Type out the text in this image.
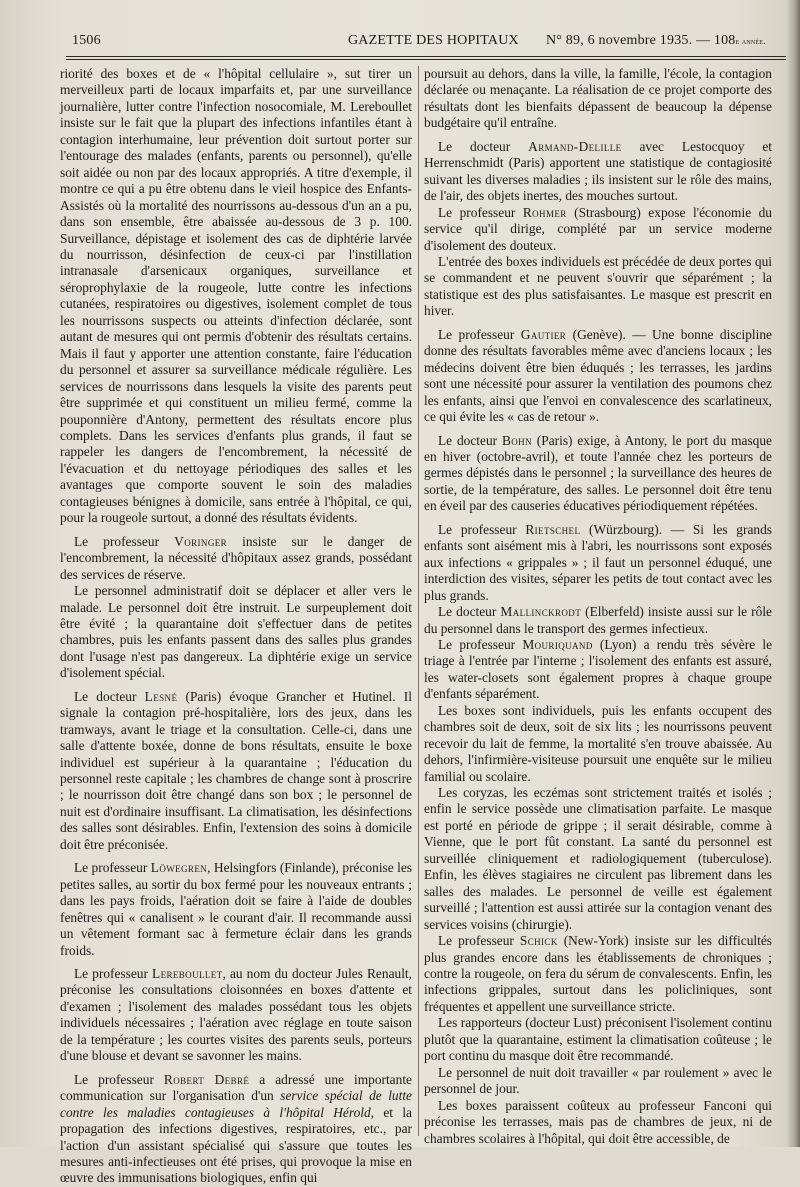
1506	GAZETTE DES HOPITAUX N° 89, 6 novembre 1935. — 108e année.

riorité des boxes et de « l'hôpital cellulaire », sut tirer un merveilleux parti de locaux imparfaits et, par une surveillance journalière, lutter contre l'infection nosocomiale, M. Lereboullet insiste sur le fait que la plupart des infections infantiles étant à contagion interhumaine, leur prévention doit surtout porter sur l'entourage des malades (enfants, parents ou personnel), qu'elle soit aidée ou non par des locaux appropriés. A titre d'exemple, il montre ce qui a pu être obtenu dans le vieil hospice des Enfants-Assistés où la mortalité des nourrissons au-dessous d'un an a pu, dans son ensemble, être abaissée au-dessous de 3 p. 100. Surveillance, dépistage et isolement des cas de diphtérie larvée du nourrisson, désinfection de ceux-ci par l'instillation intranasale d'arsenicaux organiques, surveillance et séroprophylaxie de la rougeole, lutte contre les infections cutanées, respiratoires ou digestives, isolement complet de tous les nourrissons suspects ou atteints d'infection déclarée, sont autant de mesures qui ont permis d'obtenir des résultats certains. Mais il faut y apporter une attention constante, faire l'éducation du personnel et assurer sa surveillance médicale régulière. Les services de nourrissons dans lesquels la visite des parents peut être supprimée et qui constituent un milieu fermé, comme la pouponnière d'Antony, permettent des résultats encore plus complets. Dans les services d'enfants plus grands, il faut se rappeler les dangers de l'encombrement, la nécessité de l'évacuation et du nettoyage périodiques des salles et les avantages que comporte souvent le soin des maladies contagieuses bénignes à domicile, sans entrée à l'hôpital, ce qui, pour la rougeole surtout, a donné des résultats évidents.

Le professeur Voringer insiste sur le danger de l'encombrement, la nécessité d'hôpitaux assez grands, possédant des services de réserve.

Le personnel administratif doit se déplacer et aller vers le malade. Le personnel doit être instruit. Le surpeuplement doit être évité ; la quarantaine doit s'effectuer dans de petites chambres, puis les enfants passent dans des salles plus grandes dont l'usage n'est pas dangereux. La diphtérie exige un service d'isolement spécial.

Le docteur Lesné (Paris) évoque Grancher et Hutinel. Il signale la contagion pré-hospitalière, lors des jeux, dans les tramways, avant le triage et la consultation. Celle-ci, dans une salle d'attente boxée, donne de bons résultats, ensuite le boxe individuel est supérieur à la quarantaine ; l'éducation du personnel reste capitale ; les chambres de change sont à proscrire ; le nourrisson doit être changé dans son box ; le personnel de nuit est d'ordinaire insuffisant. La climatisation, les désinfections des salles sont désirables. Enfin, l'extension des soins à domicile doit être préconisée.

Le professeur Löwegren, Helsingfors (Finlande), préconise les petites salles, au sortir du box fermé pour les nouveaux entrants ; dans les pays froids, l'aération doit se faire à l'aide de doubles fenêtres qui « canalisent » le courant d'air. Il recommande aussi un vêtement formant sac à fermeture éclair dans les grands froids.

Le professeur Lereboullet, au nom du docteur Jules Renault, préconise les consultations cloisonnées en boxes d'attente et d'examen ; l'isolement des malades possédant tous les objets individuels nécessaires ; l'aération avec réglage en toute saison de la température ; les courtes visites des parents seuls, porteurs d'une blouse et devant se savonner les mains.

Le professeur Robert Debré a adressé une importante communication sur l'organisation d'un service spécial de lutte contre les maladies contagieuses à l'hôpital Hérold, et la propagation des infections digestives, respiratoires, etc., par l'action d'un assistant spécialisé qui s'assure que toutes les mesures anti-infectieuses ont été prises, qui provoque la mise en œuvre des immunisations biologiques, enfin qui

poursuit au dehors, dans la ville, la famille, l'école, la contagion déclarée ou menaçante. La réalisation de ce projet comporte des résultats dont les bienfaits dépassent de beaucoup la dépense budgétaire qu'il entraîne.

Le docteur Armand-Delille avec Lestocquoy et Herrenschmidt (Paris) apportent une statistique de contagiosité suivant les diverses maladies ; ils insistent sur le rôle des mains, de l'air, des objets inertes, des mouches surtout.

Le professeur Rohmer (Strasbourg) expose l'économie du service qu'il dirige, complété par un service moderne d'isolement des douteux.

L'entrée des boxes individuels est précédée de deux portes qui se commandent et ne peuvent s'ouvrir que séparément ; la statistique est des plus satisfaisantes. Le masque est prescrit en hiver.

Le professeur Gautier (Genève). — Une bonne discipline donne des résultats favorables même avec d'anciens locaux ; les médecins doivent être bien éduqués ; les terrasses, les jardins sont une nécessité pour assurer la ventilation des poumons chez les enfants, ainsi que l'envoi en convalescence des scarlatineux, ce qui évite les « cas de retour ».

Le docteur Bohn (Paris) exige, à Antony, le port du masque en hiver (octobre-avril), et toute l'année chez les porteurs de germes dépistés dans le personnel ; la surveillance des heures de sortie, de la température, des salles. Le personnel doit être tenu en éveil par des causeries éducatives périodiquement répétées.

Le professeur Rietschel (Würzbourg). — Si les grands enfants sont aisément mis à l'abri, les nourrissons sont exposés aux infections « grippales » ; il faut un personnel éduqué, une interdiction des visites, séparer les petits de tout contact avec les plus grands.

Le docteur Mallinckrodt (Elberfeld) insiste aussi sur le rôle du personnel dans le transport des germes infectieux.

Le professeur Mouriquand (Lyon) a rendu très sévère le triage à l'entrée par l'interne ; l'isolement des enfants est assuré, les water-closets sont également propres à chaque groupe d'enfants séparément.

Les boxes sont individuels, puis les enfants occupent des chambres soit de deux, soit de six lits ; les nourrissons peuvent recevoir du lait de femme, la mortalité s'en trouve abaissée. Au dehors, l'infirmière-visiteuse poursuit une enquête sur le milieu familial ou scolaire.

Les coryzas, les eczémas sont strictement traités et isolés ; enfin le service possède une climatisation parfaite. Le masque est porté en période de grippe ; il serait désirable, comme à Vienne, que le port fût constant. La santé du personnel est surveillée cliniquement et radiologiquement (tuberculose). Enfin, les élèves stagiaires ne circulent pas librement dans les salles des malades. Le personnel de veille est également surveillé ; l'attention est aussi attirée sur la contagion venant des services voisins (chirurgie).

Le professeur Schick (New-York) insiste sur les difficultés plus grandes encore dans les établissements de chroniques ; contre la rougeole, on fera du sérum de convalescents. Enfin, les infections grippales, surtout dans les policliniques, sont fréquentes et appellent une surveillance stricte.

Les rapporteurs (docteur Lust) préconisent l'isolement continu plutôt que la quarantaine, estiment la climatisation coûteuse ; le port continu du masque doit être recommandé.

Le personnel de nuit doit travailler « par roulement » avec le personnel de jour.

Les boxes paraissent coûteux au professeur Fanconi qui préconise les terrasses, mais pas de chambres de jeux, ni de chambres scolaires à l'hôpital, qui doit être accessible, de
